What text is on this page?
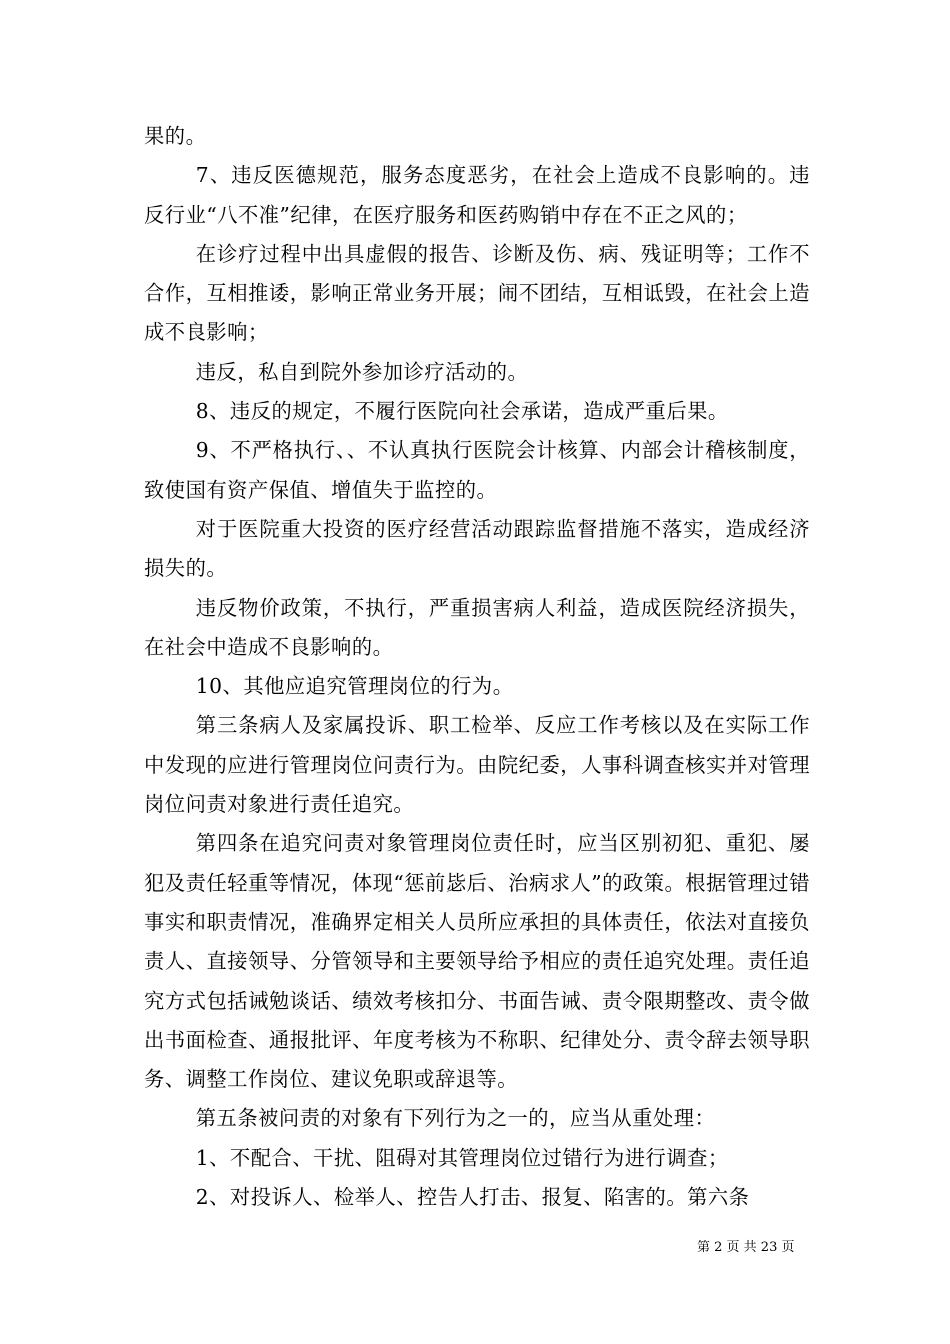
果的。

7、违反医德规范，服务态度恶劣，在社会上造成不良影响的。违反行业“八不准”纪律，在医疗服务和医药购销中存在不正之风的；

在诊疗过程中出具虚假的报告、诊断及伤、病、残证明等；工作不合作，互相推诿，影响正常业务开展；闹不团结，互相诋毁，在社会上造成不良影响；

违反，私自到院外参加诊疗活动的。

8、违反的规定，不履行医院向社会承诺，造成严重后果。

9、不严格执行、、不认真执行医院会计核算、内部会计稽核制度，致使国有资产保值、增值失于监控的。

对于医院重大投资的医疗经营活动跟踪监督措施不落实，造成经济损失的。

违反物价政策，不执行，严重损害病人利益，造成医院经济损失，在社会中造成不良影响的。

10、其他应追究管理岗位的行为。

第三条病人及家属投诉、职工检举、反应工作考核以及在实际工作中发现的应进行管理岗位问责行为。由院纪委，人事科调查核实并对管理岗位问责对象进行责任追究。

第四条在追究问责对象管理岗位责任时，应当区别初犯、重犯、屡犯及责任轻重等情况，体现“惩前毖后、治病求人”的政策。根据管理过错事实和职责情况，准确界定相关人员所应承担的具体责任，依法对直接负责人、直接领导、分管领导和主要领导给予相应的责任追究处理。责任追究方式包括诫勉谈话、绩效考核扣分、书面告诫、责令限期整改、责令做出书面检查、通报批评、年度考核为不称职、纪律处分、责令辞去领导职务、调整工作岗位、建议免职或辞退等。

第五条被问责的对象有下列行为之一的，应当从重处理：

1、不配合、干扰、阻碍对其管理岗位过错行为进行调查；

2、对投诉人、检举人、控告人打击、报复、陷害的。第六条

第 2 页 共 23 页
